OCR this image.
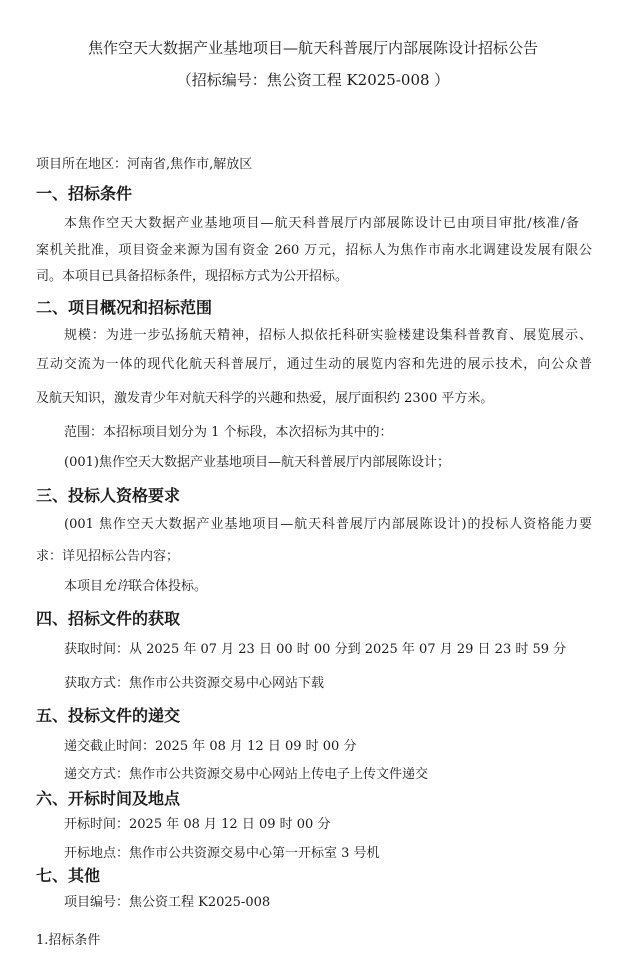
焦作空天大数据产业基地项目—航天科普展厅内部展陈设计招标公告
（招标编号：焦公资工程 K2025-008 ）
项目所在地区：河南省,焦作市,解放区
一、招标条件
本焦作空天大数据产业基地项目—航天科普展厅内部展陈设计已由项目审批/核准/备
案机关批准，项目资金来源为国有资金 260 万元，招标人为焦作市南水北调建设发展有限公
司。本项目已具备招标条件，现招标方式为公开招标。
二、项目概况和招标范围
规模：为进一步弘扬航天精神，招标人拟依托科研实验楼建设集科普教育、展览展示、
互动交流为一体的现代化航天科普展厅，通过生动的展览内容和先进的展示技术，向公众普
及航天知识，激发青少年对航天科学的兴趣和热爱，展厅面积约 2300 平方米。
范围：本招标项目划分为 1 个标段，本次招标为其中的：
(001)焦作空天大数据产业基地项目—航天科普展厅内部展陈设计；
三、投标人资格要求
(001 焦作空天大数据产业基地项目—航天科普展厅内部展陈设计)的投标人资格能力要
求：详见招标公告内容；
本项目允许联合体投标。
四、招标文件的获取
获取时间：从 2025 年 07 月 23 日 00 时 00 分到 2025 年 07 月 29 日 23 时 59 分
获取方式：焦作市公共资源交易中心网站下载
五、投标文件的递交
递交截止时间：2025 年 08 月 12 日 09 时 00 分
递交方式：焦作市公共资源交易中心网站上传电子上传文件递交
六、开标时间及地点
开标时间：2025 年 08 月 12 日 09 时 00 分
开标地点：焦作市公共资源交易中心第一开标室 3 号机
七、其他
项目编号：焦公资工程 K2025-008
1.招标条件
